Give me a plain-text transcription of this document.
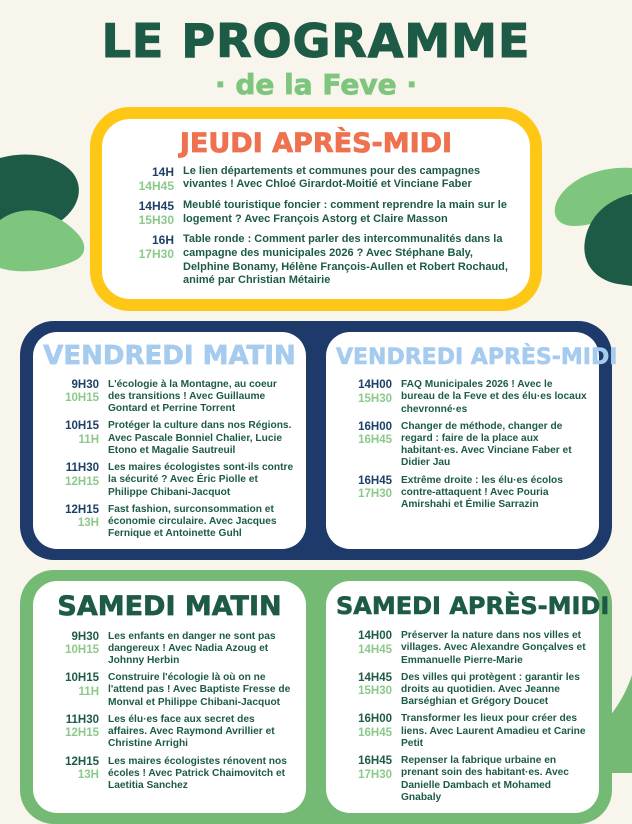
LE PROGRAMME
· de la Feve ·
JEUDI APRÈS-MIDI
14H
14H45
Le lien départements et communes pour des campagnes vivantes ! Avec Chloé Girardot-Moitié et Vinciane Faber
14H45
15H30
Meublé touristique foncier : comment reprendre la main sur le logement ? Avec François Astorg et Claire Masson
16H
17H30
Table ronde : Comment parler des intercommunalités dans la campagne des municipales 2026 ? Avec Stéphane Baly, Delphine Bonamy, Hélène François-Aullen et Robert Rochaud, animé par Christian Métairie
VENDREDI MATIN
9H30
10H15
L'écologie à la Montagne, au coeur des transitions ! Avec Guillaume Gontard et Perrine Torrent
10H15
11H
Protéger la culture dans nos Régions. Avec Pascale Bonniel Chalier, Lucie Etono et Magalie Sautreuil
11H30
12H15
Les maires écologistes sont-ils contre la sécurité ? Avec Éric Piolle et Philippe Chibani-Jacquot
12H15
13H
Fast fashion, surconsommation et économie circulaire. Avec Jacques Fernique et Antoinette Guhl
VENDREDI APRÈS-MIDI
14H00
15H30
FAQ Municipales 2026 ! Avec le bureau de la Feve et des élu·es locaux chevronné·es
16H00
16H45
Changer de méthode, changer de regard : faire de la place aux habitant·es. Avec Vinciane Faber et Didier Jau
16H45
17H30
Extrême droite : les élu·es écolos contre-attaquent ! Avec Pouria Amirshahi et Émilie Sarrazin
SAMEDI MATIN
9H30
10H15
Les enfants en danger ne sont pas dangereux ! Avec Nadia Azoug et Johnny Herbin
10H15
11H
Construire l'écologie là où on ne l'attend pas ! Avec Baptiste Fresse de Monval et Philippe Chibani-Jacquot
11H30
12H15
Les élu·es face aux secret des affaires. Avec Raymond Avrillier et Christine Arrighi
12H15
13H
Les maires écologistes rénovent nos écoles ! Avec Patrick Chaimovitch et Laetitia Sanchez
SAMEDI APRÈS-MIDI
14H00
14H45
Préserver la nature dans nos villes et villages. Avec Alexandre Gonçalves et Emmanuelle Pierre-Marie
14H45
15H30
Des villes qui protègent : garantir les droits au quotidien. Avec Jeanne Barséghian et Grégory Doucet
16H00
16H45
Transformer les lieux pour créer des liens. Avec Laurent Amadieu et Carine Petit
16H45
17H30
Repenser la fabrique urbaine en prenant soin des habitant·es. Avec Danielle Dambach et Mohamed Gnabaly
